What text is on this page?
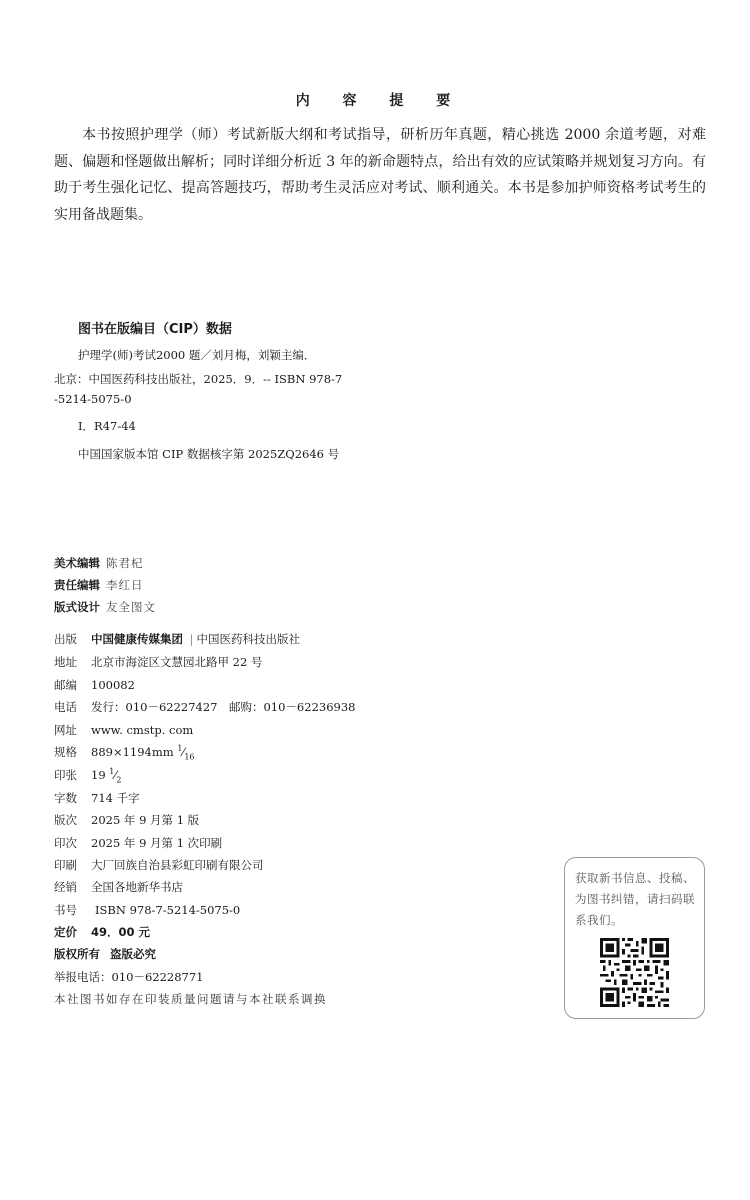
内 容 提 要

本书按照护理学（师）考试新版大纲和考试指导，研析历年真题，精心挑选 2000 余道考题，对难题、偏题和怪题做出解析；同时详细分析近 3 年的新命题特点，给出有效的应试策略并规划复习方向。有助于考生强化记忆、提高答题技巧，帮助考生灵活应对考试、顺利通关。本书是参加护师资格考试考生的实用备战题集。

图书在版编目（CIP）数据
护理学(师)考试2000 题／刘月梅，刘颖主编．
北京：中国医药科技出版社，2025．9．-- ISBN 978-7
-5214-5075-0
Ⅰ．R47-44
中国国家版本馆 CIP 数据核字第 2025ZQ2646 号
美术编辑 陈君杞
责任编辑 李红日
版式设计 友全图文
出版 中国健康传媒集团 | 中国医药科技出版社
地址 北京市海淀区文慧园北路甲 22 号
邮编 100082
电话 发行：010－62227427　邮购：010－62236938
网址 www. cmstp. com
规格 889×1194mm $^1⁄_{16}$
印张 19 $^1⁄_2$
字数 714 千字
版次 2025 年 9 月第 1 版
印次 2025 年 9 月第 1 次印刷
印刷 大厂回族自治县彩虹印刷有限公司
经销 全国各地新华书店
书号 ISBN 978-7-5214-5075-0
定价 49．00 元
版权所有 盗版必究
举报电话：010－62228771
本社图书如存在印装质量问题请与本社联系调换
获取新书信息、投稿、为图书纠错，请扫码联系我们。
